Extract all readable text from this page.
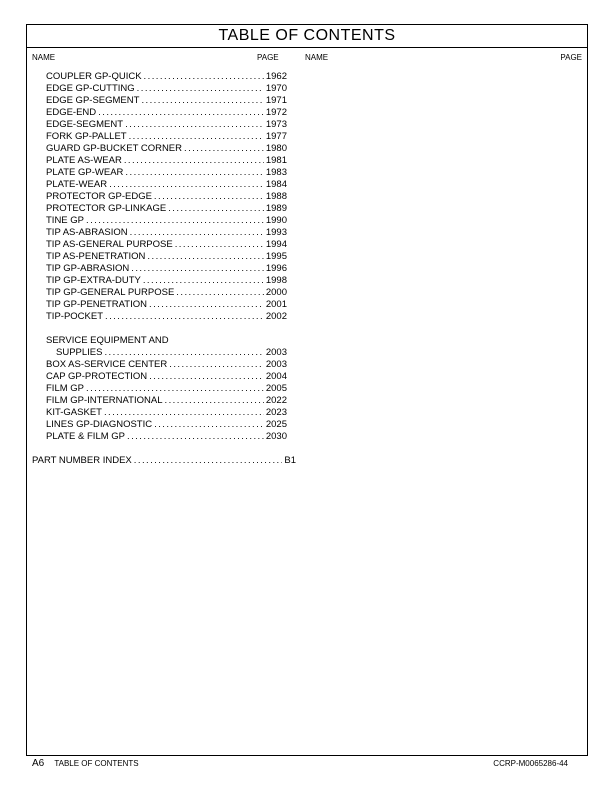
TABLE OF CONTENTS
NAME	PAGE	NAME	PAGE
COUPLER GP-QUICK . . .	1962
EDGE GP-CUTTING . . .	1970
EDGE GP-SEGMENT . . .	1971
EDGE-END . . .	1972
EDGE-SEGMENT . . .	1973
FORK GP-PALLET . . .	1977
GUARD GP-BUCKET CORNER . . .	1980
PLATE AS-WEAR . . .	1981
PLATE GP-WEAR . . .	1983
PLATE-WEAR . . .	1984
PROTECTOR GP-EDGE . . .	1988
PROTECTOR GP-LINKAGE . . .	1989
TINE GP . . .	1990
TIP AS-ABRASION . . .	1993
TIP AS-GENERAL PURPOSE . . .	1994
TIP AS-PENETRATION . . .	1995
TIP GP-ABRASION . . .	1996
TIP GP-EXTRA-DUTY . . .	1998
TIP GP-GENERAL PURPOSE . . .	2000
TIP GP-PENETRATION . . .	2001
TIP-POCKET . . .	2002
SERVICE EQUIPMENT AND
SUPPLIES . . .	2003
BOX AS-SERVICE CENTER . . .	2003
CAP GP-PROTECTION . . .	2004
FILM GP . . .	2005
FILM GP-INTERNATIONAL . . .	2022
KIT-GASKET . . .	2023
LINES GP-DIAGNOSTIC . . .	2025
PLATE & FILM GP . . .	2030
PART NUMBER INDEX . . .	B1
A6 TABLE OF CONTENTS	CCRP-M0065286-44
